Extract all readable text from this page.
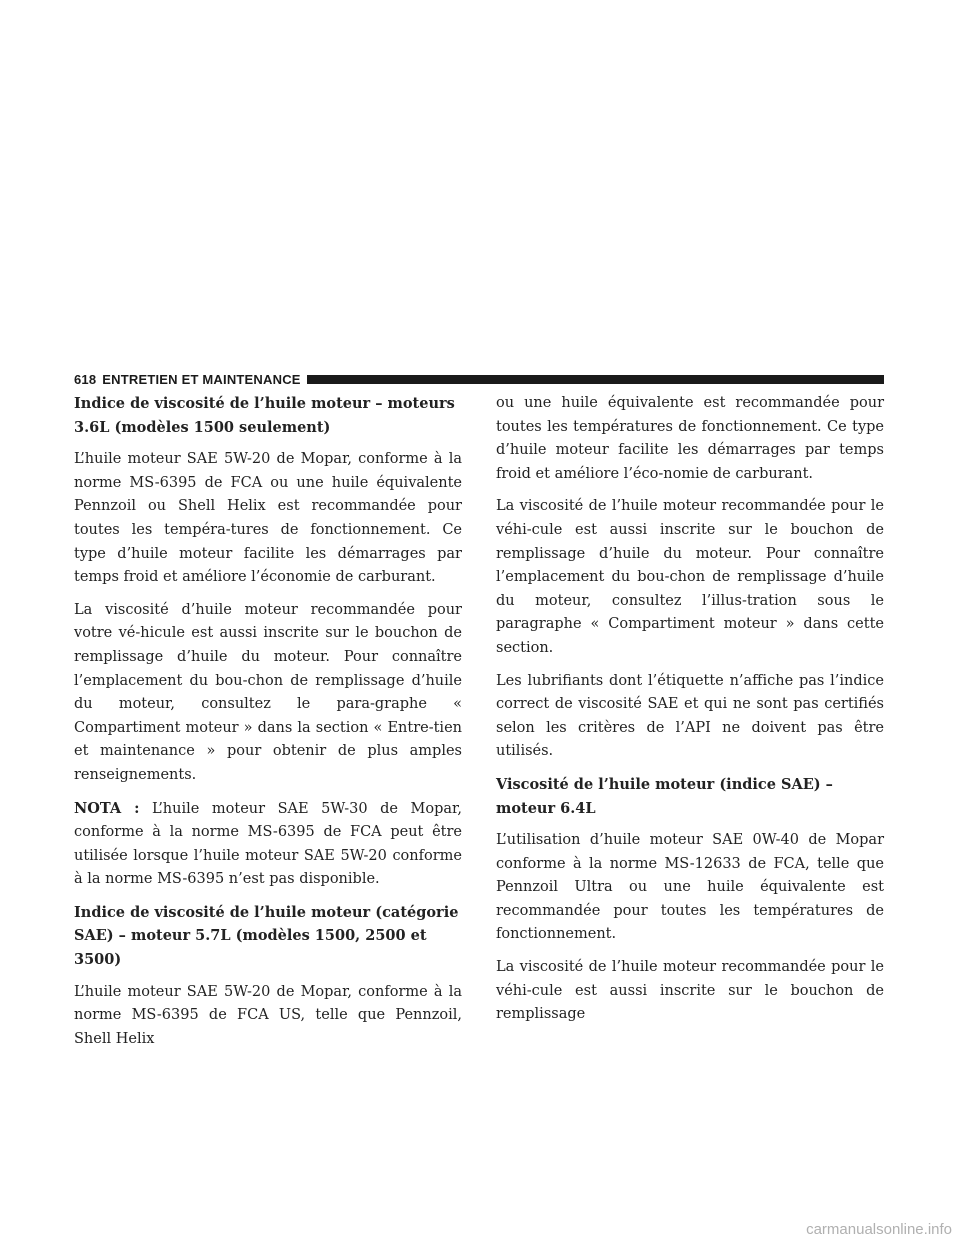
618 ENTRETIEN ET MAINTENANCE
Indice de viscosité de l’huile moteur – moteurs 3.6L (modèles 1500 seulement)

L’huile moteur SAE 5W-20 de Mopar, conforme à la norme MS-6395 de FCA ou une huile équivalente Pennzoil ou Shell Helix est recommandée pour toutes les tempéra-tures de fonctionnement. Ce type d’huile moteur facilite les démarrages par temps froid et améliore l’économie de carburant.

La viscosité d’huile moteur recommandée pour votre vé-hicule est aussi inscrite sur le bouchon de remplissage d’huile du moteur. Pour connaître l’emplacement du bou-chon de remplissage d’huile du moteur, consultez le para-graphe « Compartiment moteur » dans la section « Entre-tien et maintenance » pour obtenir de plus amples renseignements.

NOTA : L’huile moteur SAE 5W-30 de Mopar, conforme à la norme MS-6395 de FCA peut être utilisée lorsque l’huile moteur SAE 5W-20 conforme à la norme MS-6395 n’est pas disponible.

Indice de viscosité de l’huile moteur (catégorie SAE) – moteur 5.7L (modèles 1500, 2500 et 3500)

L’huile moteur SAE 5W-20 de Mopar, conforme à la norme MS-6395 de FCA US, telle que Pennzoil, Shell Helix

ou une huile équivalente est recommandée pour toutes les températures de fonctionnement. Ce type d’huile moteur facilite les démarrages par temps froid et améliore l’éco-nomie de carburant.

La viscosité de l’huile moteur recommandée pour le véhi-cule est aussi inscrite sur le bouchon de remplissage d’huile du moteur. Pour connaître l’emplacement du bou-chon de remplissage d’huile du moteur, consultez l’illus-tration sous le paragraphe « Compartiment moteur » dans cette section.

Les lubrifiants dont l’étiquette n’affiche pas l’indice correct de viscosité SAE et qui ne sont pas certifiés selon les critères de l’API ne doivent pas être utilisés.

Viscosité de l’huile moteur (indice SAE) – moteur 6.4L

L’utilisation d’huile moteur SAE 0W-40 de Mopar conforme à la norme MS-12633 de FCA, telle que Pennzoil Ultra ou une huile équivalente est recommandée pour toutes les températures de fonctionnement.

La viscosité de l’huile moteur recommandée pour le véhi-cule est aussi inscrite sur le bouchon de remplissage

carmanualsonline.info
